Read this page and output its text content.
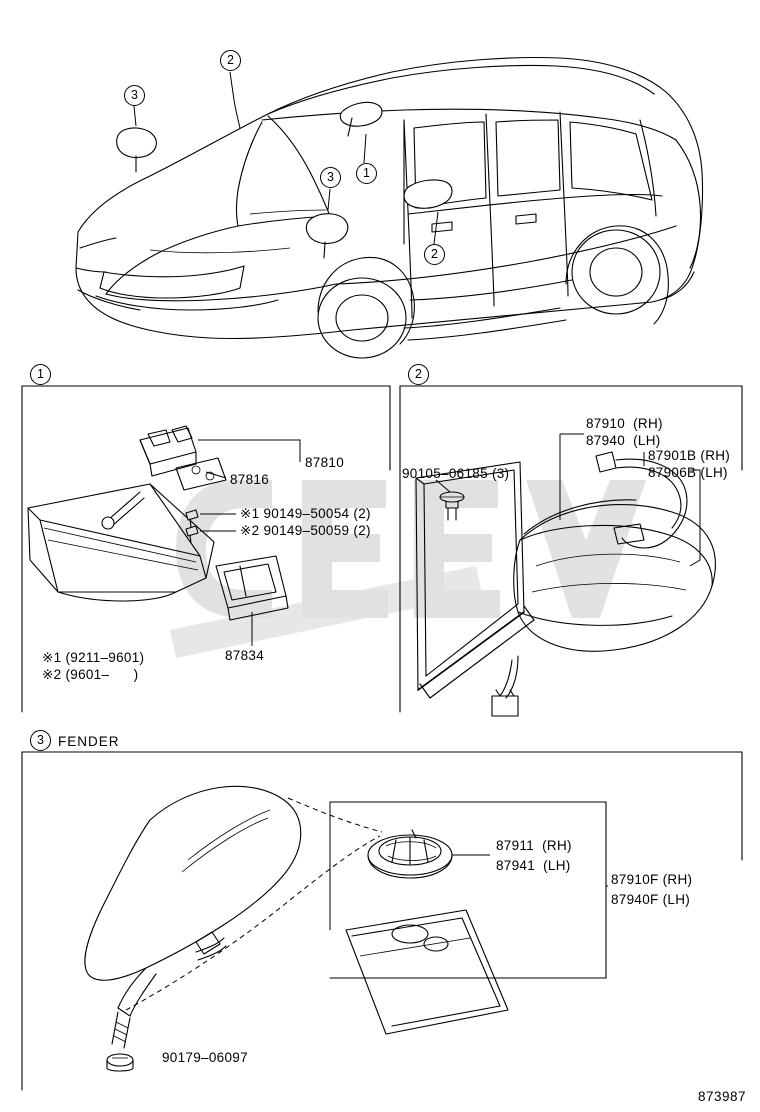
3
2
1
3
2
1	2
3	FENDER
87810
87816
※1 90149–50054 (2)
※2 90149–50059 (2)
87834
※1 (9211–9601)
※2 (9601–      )
87910  (RH)
87940  (LH)
87901B (RH)
87906B (LH)
90105–06185 (3)
87911  (RH)
87941  (LH)
87910F (RH)
87940F (LH)
90179–06097
873987
